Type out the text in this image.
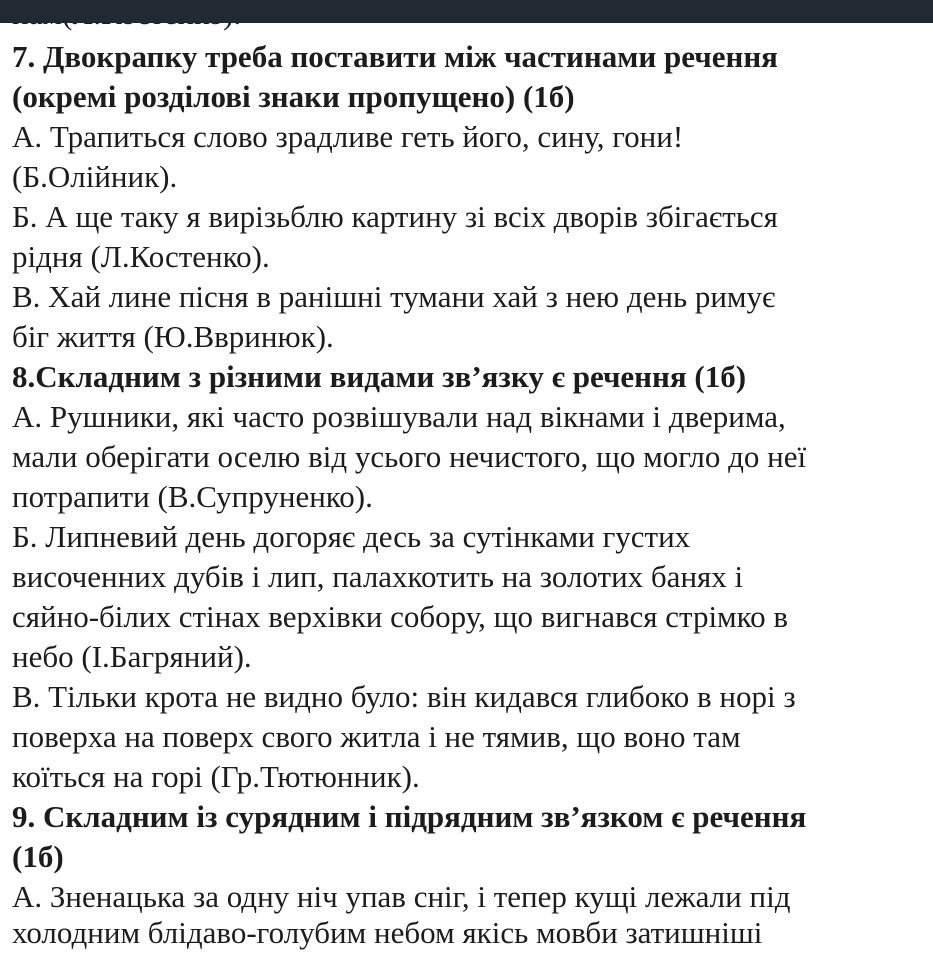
7. Двокрапку треба поставити між частинами речення
(окремі розділові знаки пропущено) (1б)
А. Трапиться слово зрадливе геть його, сину, гони!
(Б.Олійник).
Б. А ще таку я вирізьблю картину зі всіх дворів збігається
рідня (Л.Костенко).
В. Хай лине пісня в ранішні тумани хай з нею день римує
біг життя (Ю.Ввринюк).
8.Складним з різними видами зв’язку є речення (1б)
А. Рушники, які часто розвішували над вікнами і дверима,
мали оберігати оселю від усього нечистого, що могло до неї
потрапити (В.Супруненко).
Б. Липневий день догоряє десь за сутінками густих
височенних дубів і лип, палахкотить на золотих банях і
сяйно-білих стінах верхівки собору, що вигнався стрімко в
небо (І.Багряний).
В. Тільки крота не видно було: він кидався глибоко в норі з
поверха на поверх свого житла і не тямив, що воно там
коїться на горі (Гр.Тютюнник).
9. Складним із сурядним і підрядним зв’язком є речення
(1б)
А. Зненацька за одну ніч упав сніг, і тепер кущі лежали під
холодним блідаво-голубим небом якісь мовби затишніші
